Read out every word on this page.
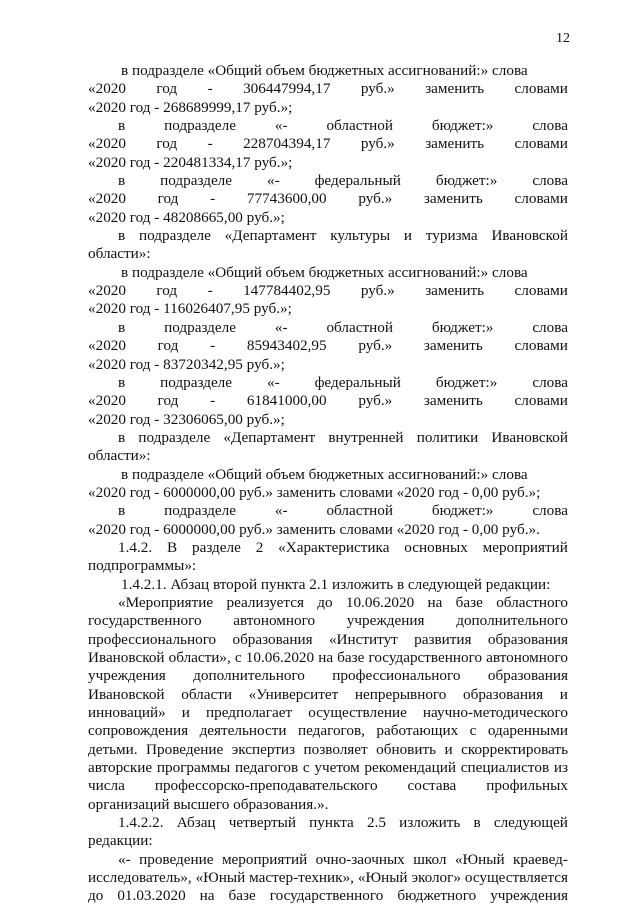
12
в подразделе «Общий объем бюджетных ассигнований:» слова
«2020 год - 306447994,17 руб.» заменить словами
«2020 год - 268689999,17 руб.»;
в	подразделе	«-	областной	бюджет:»	слова
«2020 год - 228704394,17 руб.» заменить словами
«2020 год - 220481334,17 руб.»;
в подразделе «- федеральный бюджет:» слова
«2020 год - 77743600,00 руб.» заменить словами
«2020 год - 48208665,00 руб.»;
в подразделе «Департамент культуры и туризма Ивановской
области»:
в подразделе «Общий объем бюджетных ассигнований:» слова
«2020 год - 147784402,95 руб.» заменить словами
«2020 год - 116026407,95 руб.»;
в	подразделе	«-	областной	бюджет:»	слова
«2020 год - 85943402,95 руб.» заменить словами
«2020 год - 83720342,95 руб.»;
в подразделе «- федеральный бюджет:» слова
«2020 год - 61841000,00 руб.» заменить словами
«2020 год - 32306065,00 руб.»;
в подразделе «Департамент внутренней политики Ивановской
области»:
в подразделе «Общий объем бюджетных ассигнований:» слова
«2020 год - 6000000,00 руб.» заменить словами «2020 год - 0,00 руб.»;
в	подразделе	«-	областной	бюджет:»	слова
«2020 год - 6000000,00 руб.» заменить словами «2020 год - 0,00 руб.».
1.4.2. В разделе 2 «Характеристика основных мероприятий
подпрограммы»:
1.4.2.1. Абзац второй пункта 2.1 изложить в следующей редакции:
«Мероприятие реализуется до 10.06.2020 на базе областного
государственного автономного учреждения дополнительного
профессионального образования «Институт развития образования
Ивановской области», с 10.06.2020 на базе государственного автономного
учреждения дополнительного профессионального образования
Ивановской области «Университет непрерывного образования и
инноваций» и предполагает осуществление научно-методического
сопровождения деятельности педагогов, работающих с одаренными
детьми. Проведение экспертиз позволяет обновить и скорректировать
авторские программы педагогов с учетом рекомендаций специалистов из
числа профессорско-преподавательского состава профильных
организаций высшего образования.».
1.4.2.2. Абзац четвертый пункта 2.5 изложить в следующей
редакции:
«- проведение мероприятий очно-заочных школ «Юный краевед-
исследователь», «Юный мастер-техник», «Юный эколог» осуществляется
до 01.03.2020 на базе государственного бюджетного учреждения
